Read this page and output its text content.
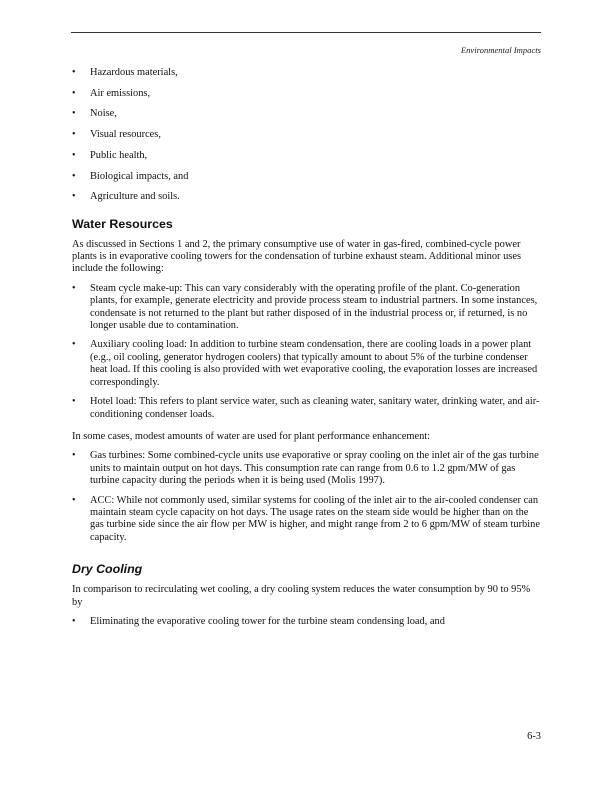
Environmental Impacts
• Hazardous materials,
• Air emissions,
• Noise,
• Visual resources,
• Public health,
• Biological impacts, and
• Agriculture and soils.
Water Resources

As discussed in Sections 1 and 2, the primary consumptive use of water in gas-fired, combined-cycle power plants is in evaporative cooling towers for the condensation of turbine exhaust steam. Additional minor uses include the following:

• Steam cycle make-up: This can vary considerably with the operating profile of the plant. Co-generation plants, for example, generate electricity and provide process steam to industrial partners. In some instances, condensate is not returned to the plant but rather disposed of in the industrial process or, if returned, is no longer usable due to contamination.
• Auxiliary cooling load: In addition to turbine steam condensation, there are cooling loads in a power plant (e.g., oil cooling, generator hydrogen coolers) that typically amount to about 5% of the turbine condenser heat load. If this cooling is also provided with wet evaporative cooling, the evaporation losses are increased correspondingly.
• Hotel load: This refers to plant service water, such as cleaning water, sanitary water, drinking water, and air-conditioning condenser loads.

In some cases, modest amounts of water are used for plant performance enhancement:

• Gas turbines: Some combined-cycle units use evaporative or spray cooling on the inlet air of the gas turbine units to maintain output on hot days. This consumption rate can range from 0.6 to 1.2 gpm/MW of gas turbine capacity during the periods when it is being used (Molis 1997).
• ACC: While not commonly used, similar systems for cooling of the inlet air to the air-cooled condenser can maintain steam cycle capacity on hot days. The usage rates on the steam side would be higher than on the gas turbine side since the air flow per MW is higher, and might range from 2 to 6 gpm/MW of steam turbine capacity.
Dry Cooling

In comparison to recirculating wet cooling, a dry cooling system reduces the water consumption by 90 to 95% by

• Eliminating the evaporative cooling tower for the turbine steam condensing load, and
6-3
